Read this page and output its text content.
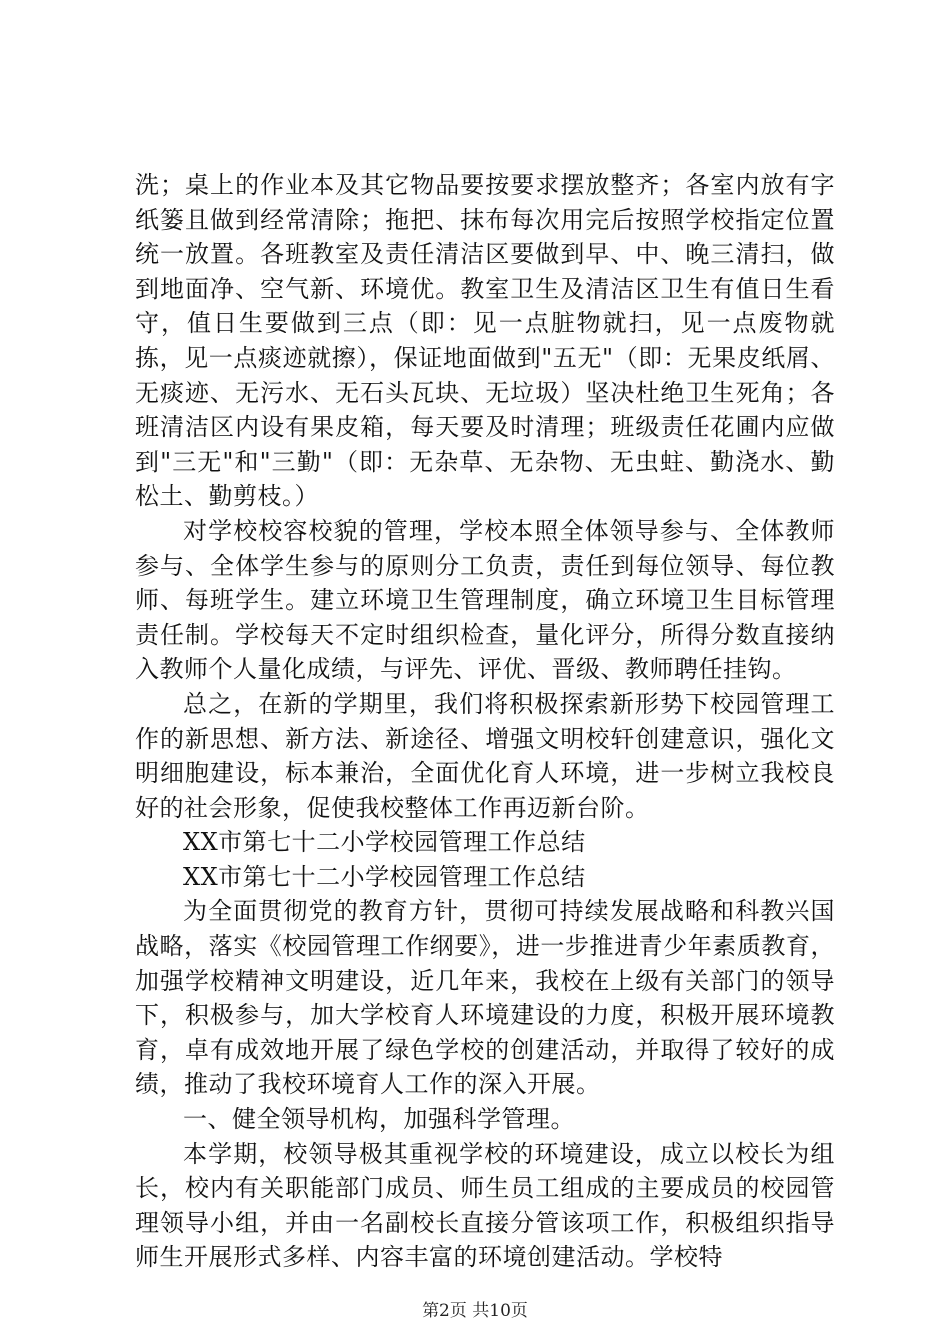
洗；桌上的作业本及其它物品要按要求摆放整齐；各室内放有字纸篓且做到经常清除；拖把、抹布每次用完后按照学校指定位置统一放置。各班教室及责任清洁区要做到早、中、晚三清扫，做到地面净、空气新、环境优。教室卫生及清洁区卫生有值日生看守，值日生要做到三点（即：见一点脏物就扫，见一点废物就拣，见一点痰迹就擦），保证地面做到"五无"（即：无果皮纸屑、无痰迹、无污水、无石头瓦块、无垃圾）坚决杜绝卫生死角；各班清洁区内设有果皮箱，每天要及时清理；班级责任花圃内应做到"三无"和"三勤"（即：无杂草、无杂物、无虫蛀、勤浇水、勤松土、勤剪枝。）

对学校校容校貌的管理，学校本照全体领导参与、全体教师参与、全体学生参与的原则分工负责，责任到每位领导、每位教师、每班学生。建立环境卫生管理制度，确立环境卫生目标管理责任制。学校每天不定时组织检查，量化评分，所得分数直接纳入教师个人量化成绩，与评先、评优、晋级、教师聘任挂钩。

总之，在新的学期里，我们将积极探索新形势下校园管理工作的新思想、新方法、新途径、增强文明校轩创建意识，强化文明细胞建设，标本兼治，全面优化育人环境，进一步树立我校良好的社会形象，促使我校整体工作再迈新台阶。

XX市第七十二小学校园管理工作总结

XX市第七十二小学校园管理工作总结

为全面贯彻党的教育方针，贯彻可持续发展战略和科教兴国战略，落实《校园管理工作纲要》，进一步推进青少年素质教育，加强学校精神文明建设，近几年来，我校在上级有关部门的领导下，积极参与，加大学校育人环境建设的力度，积极开展环境教育，卓有成效地开展了绿色学校的创建活动，并取得了较好的成绩，推动了我校环境育人工作的深入开展。

一、健全领导机构，加强科学管理。

本学期，校领导极其重视学校的环境建设，成立以校长为组长，校内有关职能部门成员、师生员工组成的主要成员的校园管理领导小组，并由一名副校长直接分管该项工作，积极组织指导师生开展形式多样、内容丰富的环境创建活动。学校特

第2页 共10页
